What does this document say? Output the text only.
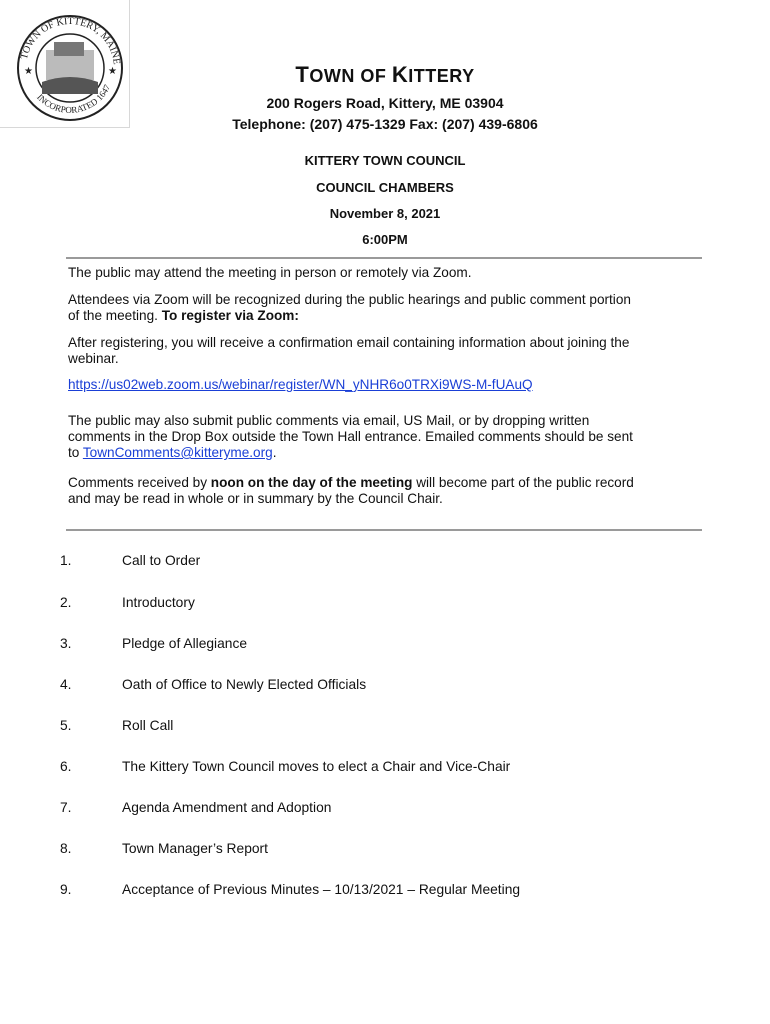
★	★
TOWN OF KITTERY, MAINE
INCORPORATED 1647
TOWN OF KITTERY
200 Rogers Road, Kittery, ME 03904
Telephone: (207) 475-1329 Fax: (207) 439-6806
KITTERY TOWN COUNCIL
COUNCIL CHAMBERS
November 8, 2021
6:00PM
The public may attend the meeting in person or remotely via Zoom.
Attendees via Zoom will be recognized during the public hearings and public comment portion
of the meeting. To register via Zoom:
After registering, you will receive a confirmation email containing information about joining the
webinar.
https://us02web.zoom.us/webinar/register/WN_yNHR6o0TRXi9WS-M-fUAuQ
The public may also submit public comments via email, US Mail, or by dropping written
comments in the Drop Box outside the Town Hall entrance. Emailed comments should be sent
to TownComments@kitteryme.org.
Comments received by noon on the day of the meeting will become part of the public record
and may be read in whole or in summary by the Council Chair.
1.	Call to Order
2.	Introductory
3.	Pledge of Allegiance
4.	Oath of Office to Newly Elected Officials
5.	Roll Call
6.	The Kittery Town Council moves to elect a Chair and Vice-Chair
7.	Agenda Amendment and Adoption
8.	Town Manager’s Report
9.	Acceptance of Previous Minutes – 10/13/2021 – Regular Meeting
